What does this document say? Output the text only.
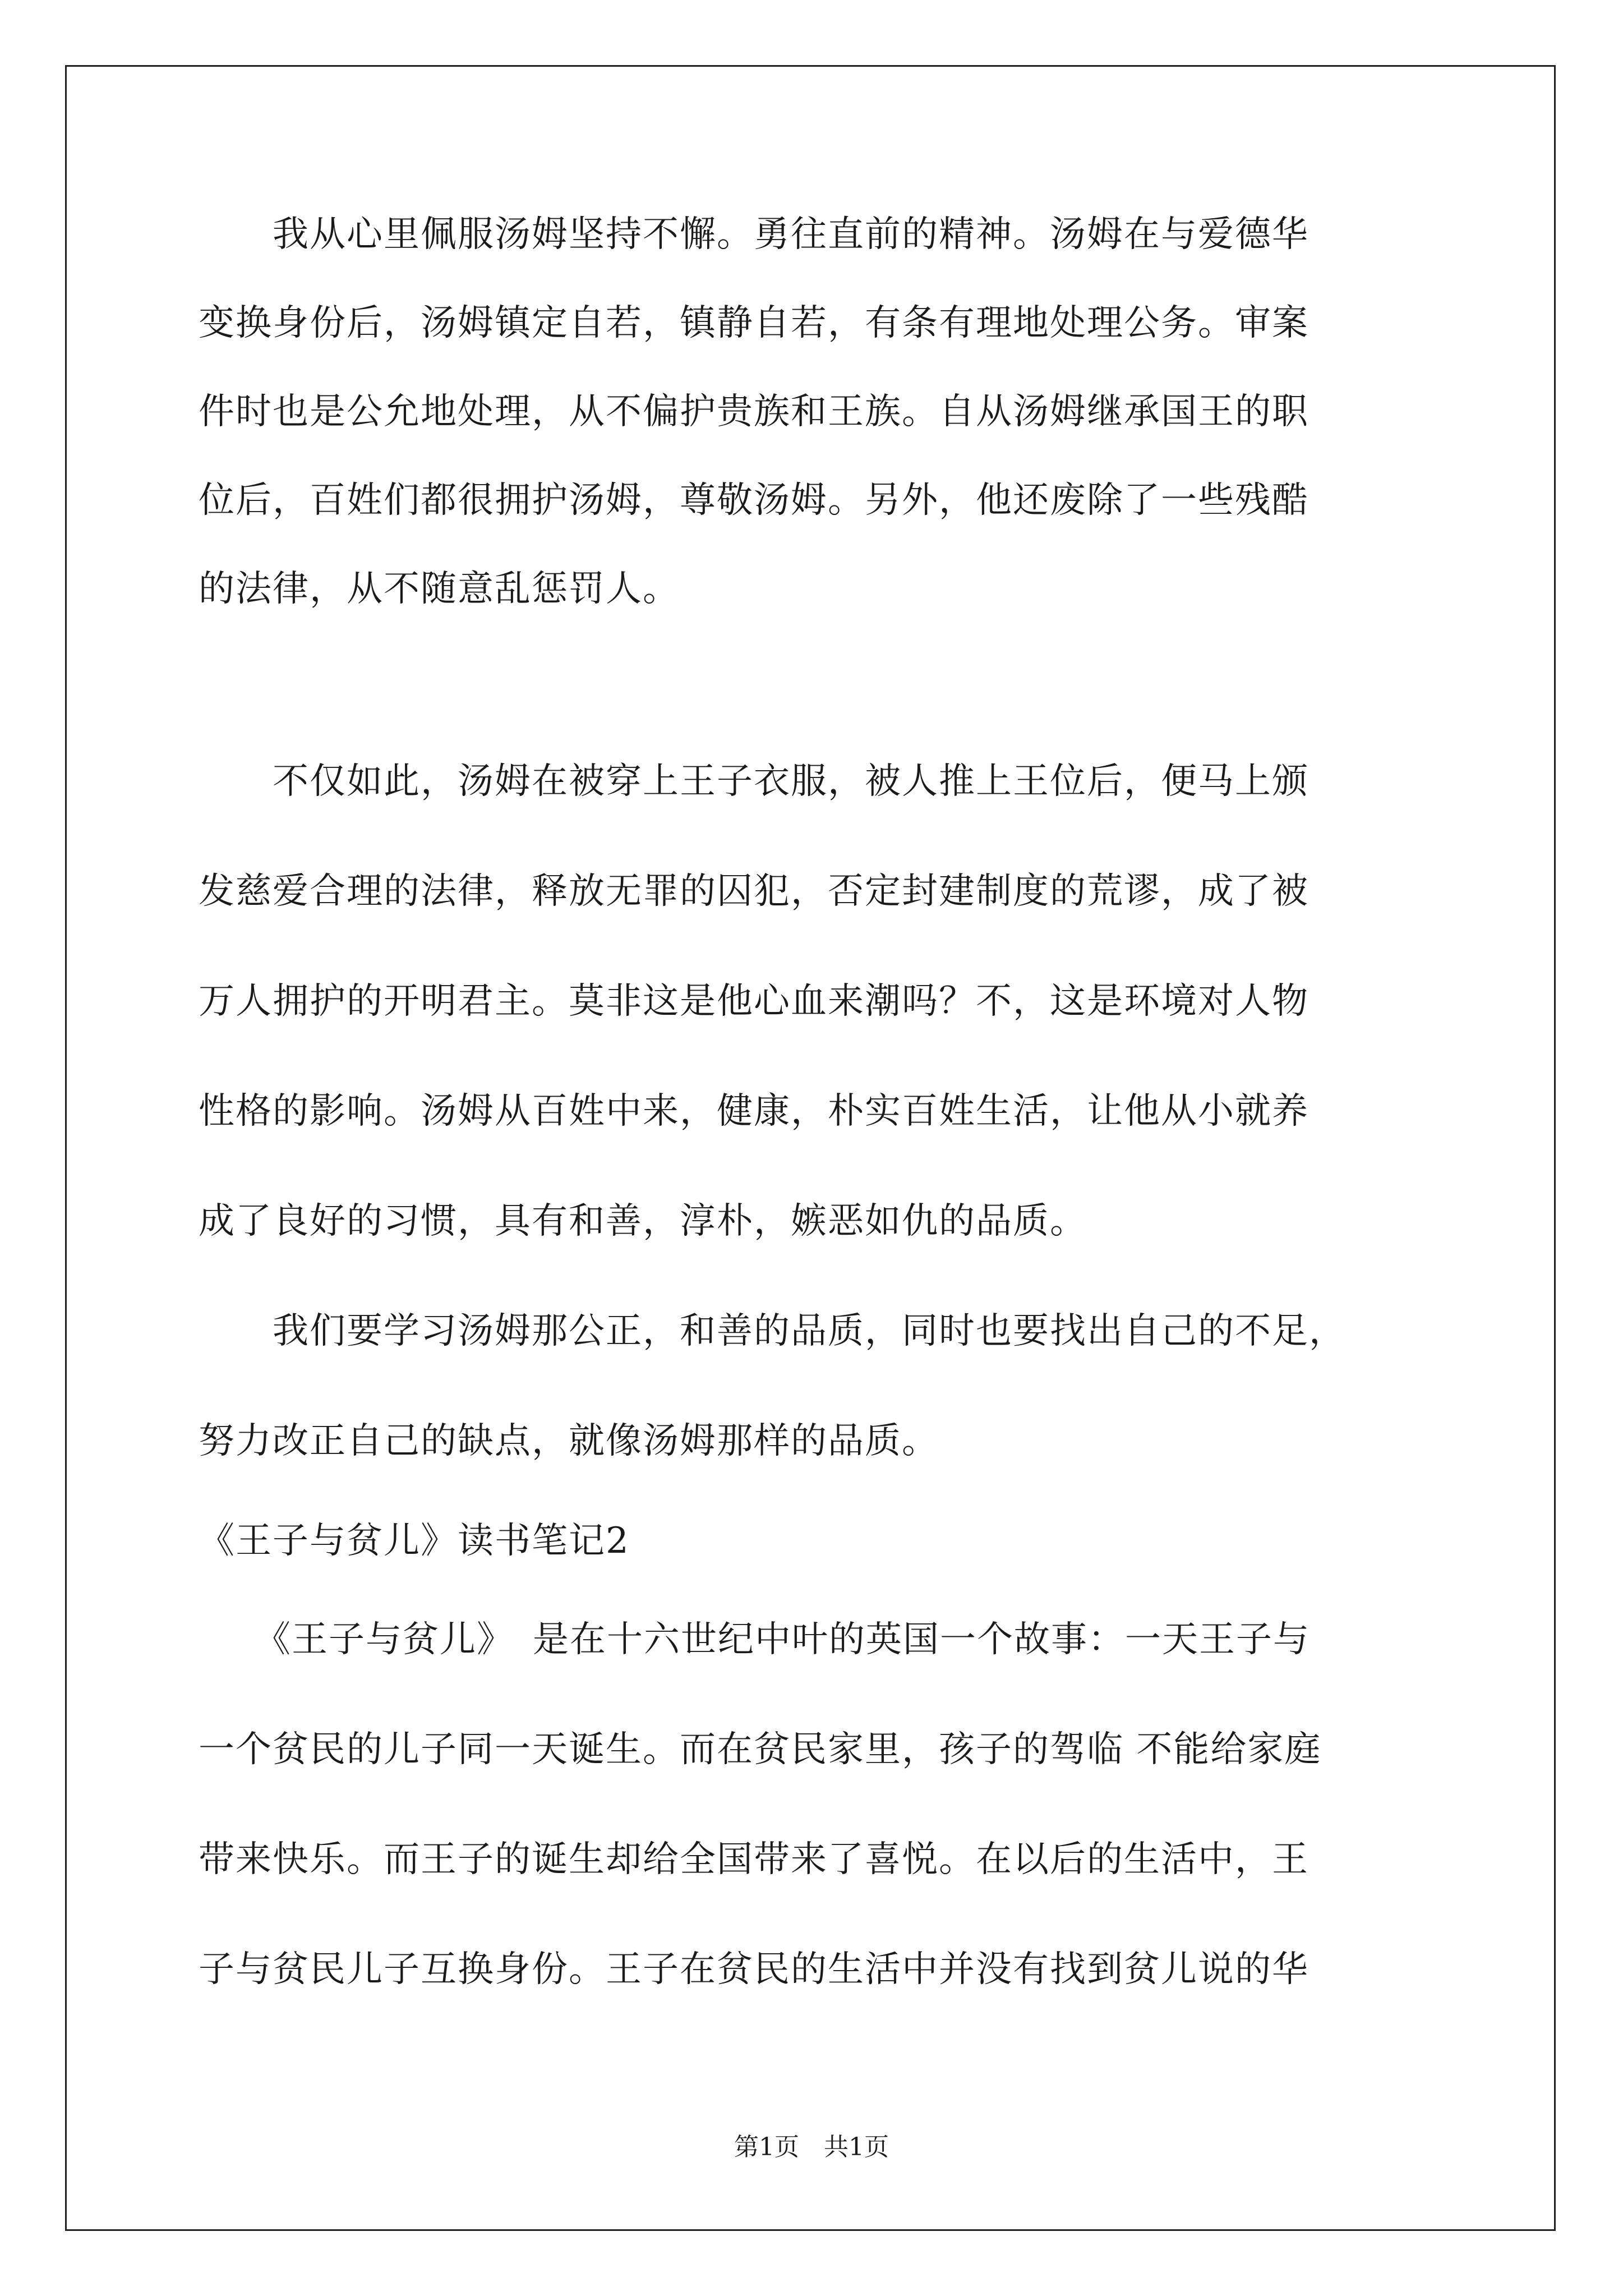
　　我从心里佩服汤姆坚持不懈。勇往直前的精神。汤姆在与爱德华
变换身份后，汤姆镇定自若，镇静自若，有条有理地处理公务。审案
件时也是公允地处理，从不偏护贵族和王族。自从汤姆继承国王的职
位后，百姓们都很拥护汤姆，尊敬汤姆。另外，他还废除了一些残酷
的法律，从不随意乱惩罚人。
　　不仅如此，汤姆在被穿上王子衣服，被人推上王位后，便马上颁
发慈爱合理的法律，释放无罪的囚犯，否定封建制度的荒谬，成了被
万人拥护的开明君主。莫非这是他心血来潮吗？不，这是环境对人物
性格的影响。汤姆从百姓中来，健康，朴实百姓生活，让他从小就养
成了良好的习惯，具有和善，淳朴，嫉恶如仇的品质。
　　我们要学习汤姆那公正，和善的品质，同时也要找出自己的不足，
努力改正自己的缺点，就像汤姆那样的品质。
《王子与贫儿》读书笔记2
　　《王子与贫儿》　是在十六世纪中叶的英国一个故事：一天王子与
一个贫民的儿子同一天诞生。而在贫民家里，孩子的驾临 不能给家庭
带来快乐。而王子的诞生却给全国带来了喜悦。在以后的生活中，王
子与贫民儿子互换身份。王子在贫民的生活中并没有找到贫儿说的华
第1页　共1页
